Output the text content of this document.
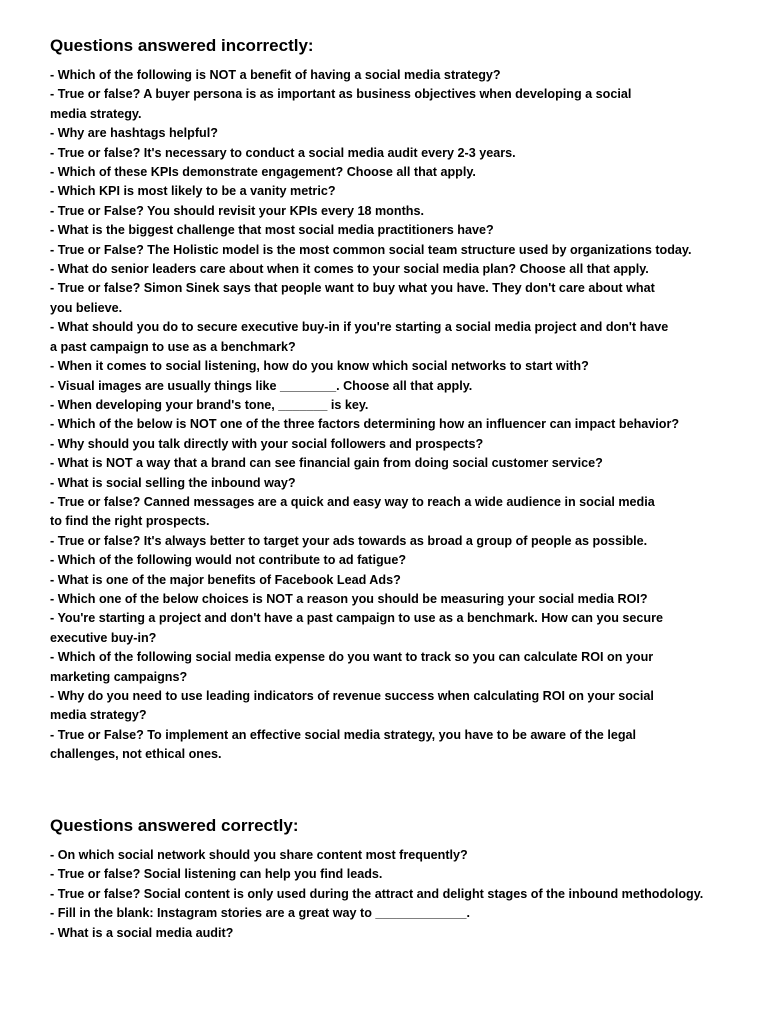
Questions answered incorrectly:
- Which of the following is NOT a benefit of having a social media strategy?
- True or false? A buyer persona is as important as business objectives when developing a social
media strategy.
- Why are hashtags helpful?
- True or false? It's necessary to conduct a social media audit every 2-3 years.
- Which of these KPIs demonstrate engagement? Choose all that apply.
- Which KPI is most likely to be a vanity metric?
- True or False? You should revisit your KPIs every 18 months.
- What is the biggest challenge that most social media practitioners have?
- True or False? The Holistic model is the most common social team structure used by organizations today.
- What do senior leaders care about when it comes to your social media plan? Choose all that apply.
- True or false? Simon Sinek says that people want to buy what you have. They don't care about what
you believe.
- What should you do to secure executive buy-in if you're starting a social media project and don't have
a past campaign to use as a benchmark?
- When it comes to social listening, how do you know which social networks to start with?
- Visual images are usually things like ________. Choose all that apply.
- When developing your brand's tone, _______ is key.
- Which of the below is NOT one of the three factors determining how an influencer can impact behavior?
- Why should you talk directly with your social followers and prospects?
- What is NOT a way that a brand can see financial gain from doing social customer service?
- What is social selling the inbound way?
- True or false? Canned messages are a quick and easy way to reach a wide audience in social media
to find the right prospects.
- True or false? It's always better to target your ads towards as broad a group of people as possible.
- Which of the following would not contribute to ad fatigue?
- What is one of the major benefits of Facebook Lead Ads?
- Which one of the below choices is NOT a reason you should be measuring your social media ROI?
- You're starting a project and don't have a past campaign to use as a benchmark. How can you secure
executive buy-in?
- Which of the following social media expense do you want to track so you can calculate ROI on your
marketing campaigns?
- Why do you need to use leading indicators of revenue success when calculating ROI on your social
media strategy?
- True or False? To implement an effective social media strategy, you have to be aware of the legal
challenges, not ethical ones.
Questions answered correctly:
- On which social network should you share content most frequently?
- True or false? Social listening can help you find leads.
- True or false? Social content is only used during the attract and delight stages of the inbound methodology.
- Fill in the blank: Instagram stories are a great way to _____________.
- What is a social media audit?
